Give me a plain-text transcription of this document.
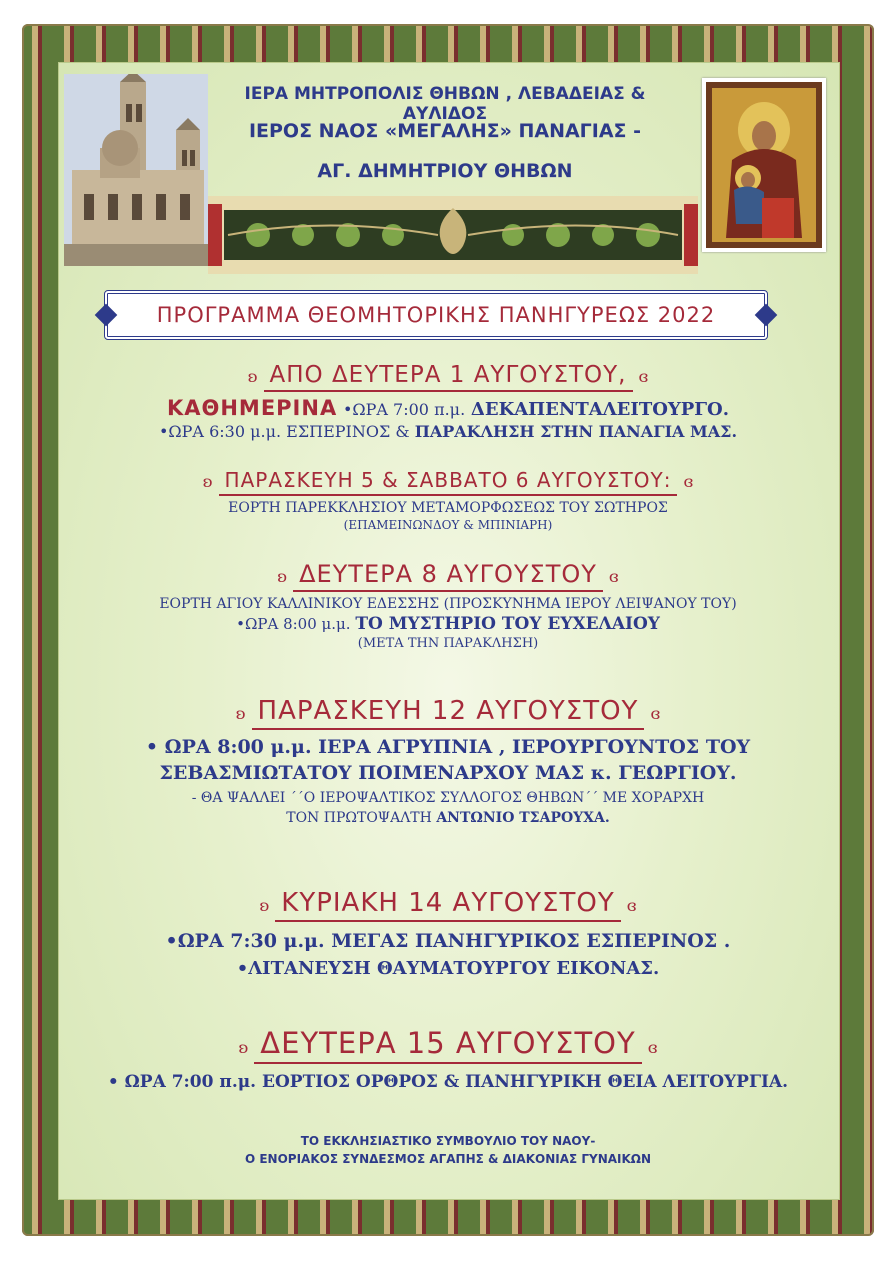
ΙΕΡΑ ΜΗΤΡΟΠΟΛΙΣ ΘΗΒΩΝ , ΛΕΒΑΔΕΙΑΣ & ΑΥΛΙΔΟΣ
ΙΕΡΟΣ ΝΑΟΣ «ΜΕΓΑΛΗΣ» ΠΑΝΑΓΙΑΣ -
ΑΓ. ΔΗΜΗΤΡΙΟΥ ΘΗΒΩΝ
ΠΡΟΓΡΑΜΜΑ ΘΕΟΜΗΤΟΡΙΚΗΣ ΠΑΝΗΓΥΡΕΩΣ 2022
ʚ ΑΠΟ ΔΕΥΤΕΡΑ 1 ΑΥΓΟΥΣΤΟΥ, ɞ
ΚΑΘΗΜΕΡΙΝΑ •ΩΡΑ 7:00 π.μ. ΔΕΚΑΠΕΝΤΑΛΕΙΤΟΥΡΓΟ.
•ΩΡΑ 6:30 μ.μ. ΕΣΠΕΡΙΝΟΣ & ΠΑΡΑΚΛΗΣΗ ΣΤΗΝ ΠΑΝΑΓΙΑ ΜΑΣ.
ʚ ΠΑΡΑΣΚΕΥΗ 5 & ΣΑΒΒΑΤΟ 6 ΑΥΓΟΥΣΤΟΥ: ɞ
ΕΟΡΤΗ ΠΑΡΕΚΚΛΗΣΙΟΥ ΜΕΤΑΜΟΡΦΩΣΕΩΣ ΤΟΥ ΣΩΤΗΡΟΣ
(ΕΠΑΜΕΙΝΩΝΔΟΥ & ΜΠΙΝΙΑΡΗ)
ʚ ΔΕΥΤΕΡΑ 8 ΑΥΓΟΥΣΤΟΥ ɞ
ΕΟΡΤΗ ΑΓΙΟΥ ΚΑΛΛΙΝΙΚΟΥ ΕΔΕΣΣΗΣ (ΠΡΟΣΚΥΝΗΜΑ ΙΕΡΟΥ ΛΕΙΨΑΝΟΥ ΤΟΥ)
•ΩΡΑ 8:00 μ.μ. ΤΟ ΜΥΣΤΗΡΙΟ ΤΟΥ ΕΥΧΕΛΑΙΟΥ
(ΜΕΤΑ ΤΗΝ ΠΑΡΑΚΛΗΣΗ)
ʚ ΠΑΡΑΣΚΕΥΗ 12 ΑΥΓΟΥΣΤΟΥ ɞ
• ΩΡΑ 8:00 μ.μ. ΙΕΡΑ ΑΓΡΥΠΝΙΑ , ΙΕΡΟΥΡΓΟΥΝΤΟΣ ΤΟΥ
ΣΕΒΑΣΜΙΩΤΑΤΟΥ ΠΟΙΜΕΝΑΡΧΟΥ ΜΑΣ κ. ΓΕΩΡΓΙΟΥ.
- ΘΑ ΨΑΛΛΕΙ ΄΄Ο ΙΕΡΟΨΑΛΤΙΚΟΣ ΣΥΛΛΟΓΟΣ ΘΗΒΩΝ΄΄ ΜΕ ΧΟΡΑΡΧΗ
ΤΟΝ ΠΡΩΤΟΨΑΛΤΗ ΑΝΤΩΝΙΟ ΤΣΑΡΟΥΧΑ.
ʚ ΚΥΡΙΑΚΗ 14 ΑΥΓΟΥΣΤΟΥ ɞ
•ΩΡΑ 7:30 μ.μ. ΜΕΓΑΣ ΠΑΝΗΓΥΡΙΚΟΣ ΕΣΠΕΡΙΝΟΣ .
•ΛΙΤΑΝΕΥΣΗ ΘΑΥΜΑΤΟΥΡΓΟΥ ΕΙΚΟΝΑΣ.
ʚ ΔΕΥΤΕΡΑ 15 ΑΥΓΟΥΣΤΟΥ ɞ
• ΩΡΑ 7:00 π.μ. ΕΟΡΤΙΟΣ ΟΡΘΡΟΣ & ΠΑΝΗΓΥΡΙΚΗ ΘΕΙΑ ΛΕΙΤΟΥΡΓΙΑ.
ΤΟ ΕΚΚΛΗΣΙΑΣΤΙΚΟ ΣΥΜΒΟΥΛΙΟ ΤΟΥ ΝΑΟΥ-
Ο ΕΝΟΡΙΑΚΟΣ ΣΥΝΔΕΣΜΟΣ ΑΓΑΠΗΣ & ΔΙΑΚΟΝΙΑΣ ΓΥΝΑΙΚΩΝ
